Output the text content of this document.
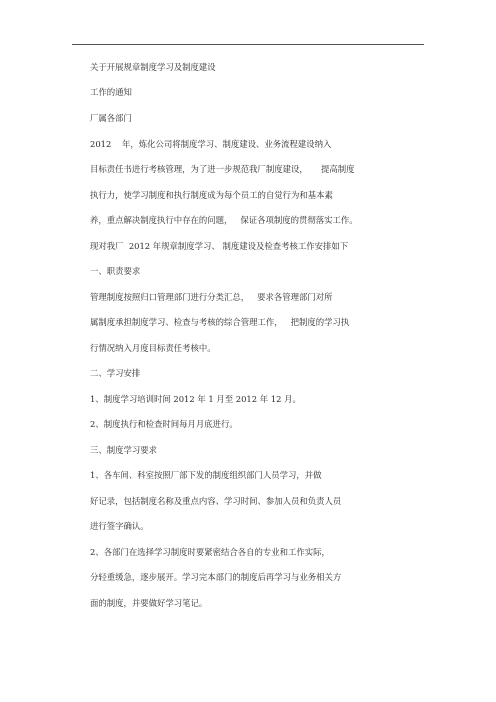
关于开展规章制度学习及制度建设
工作的通知
厂属各部门
2012    年，炼化公司将制度学习、制度建设、业务流程建设纳入
目标责任书进行考核管理，为了进一步规范我厂制度建设，     提高制度
执行力，使学习制度和执行制度成为每个员工的自觉行为和基本素
养，重点解决制度执行中存在的问题，   保证各项制度的贯彻落实工作。
现对我厂  2012 年规章制度学习、 制度建设及检查考核工作安排如下
一、职责要求
管理制度按照归口管理部门进行分类汇总，   要求各管理部门对所
属制度承担制度学习、检查与考核的综合管理工作，   把制度的学习执
行情况纳入月度目标责任考核中。
二、学习安排
1、制度学习培训时间 2012 年 1 月至 2012 年 12 月。
2、制度执行和检查时间每月月底进行。
三、制度学习要求
1、各车间、科室按照厂部下发的制度组织部门人员学习，并做
好记录，包括制度名称及重点内容、学习时间、参加人员和负责人员
进行签字确认。
2、各部门在选择学习制度时要紧密结合各自的专业和工作实际，
分轻重缓急，逐步展开。学习完本部门的制度后再学习与业务相关方
面的制度，并要做好学习笔记。
